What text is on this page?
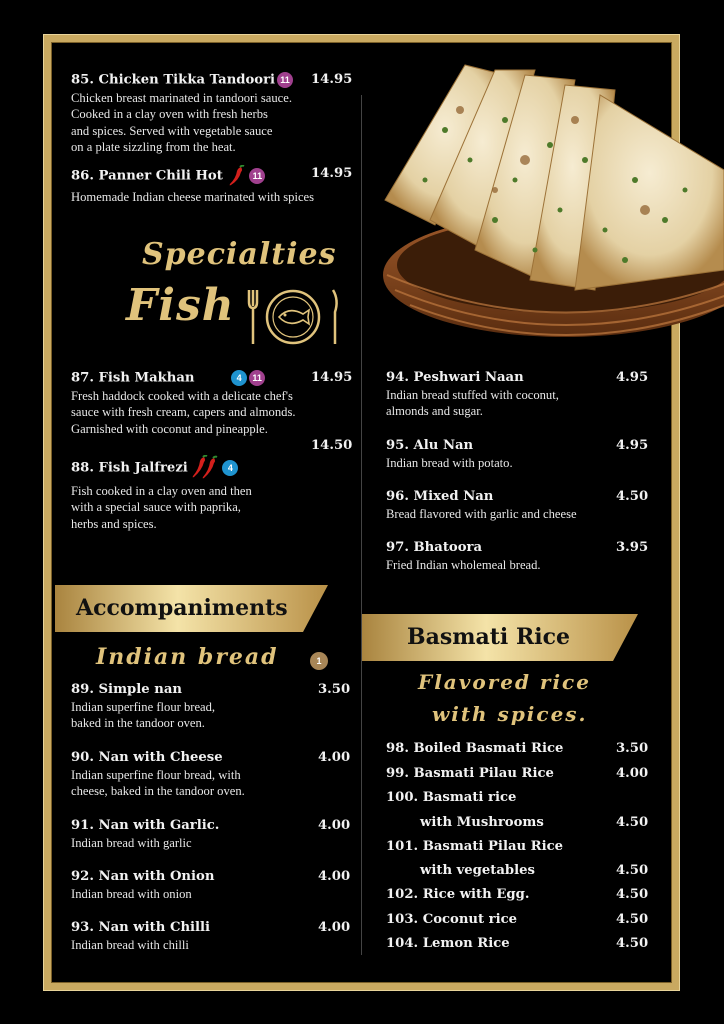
85. Chicken Tikka Tandoori 11
Chicken breast marinated in tandoori sauce.
Cooked in a clay oven with fresh herbs
and spices. Served with vegetable sauce
on a plate sizzling from the heat.
14.95
86. Panner Chili Hot	11
Homemade Indian cheese marinated with spices
14.95
Specialties
Fish
87. Fish Makhan	4 11
Fresh haddock cooked with a delicate chef's
sauce with fresh cream, capers and almonds.
Garnished with coconut and pineapple.
14.95
88. Fish Jalfrezi	4
Fish cooked in a clay oven and then
with a special sauce with paprika,
herbs and spices.
14.50
Accompaniments
Indian bread	1
89. Simple nan
Indian superfine flour bread,
baked in the tandoor oven.
3.50
90. Nan with Cheese
Indian superfine flour bread, with
cheese, baked in the tandoor oven.
4.00
91. Nan with Garlic.
Indian bread with garlic
4.00
92. Nan with Onion
Indian bread with onion
4.00
93. Nan with Chilli
Indian bread with chilli
4.00
94. Peshwari Naan
Indian bread stuffed with coconut,
almonds and sugar.
4.95
95. Alu Nan
Indian bread with potato.
4.95
96. Mixed Nan
Bread flavored with garlic and cheese
4.50
97. Bhatoora
Fried Indian wholemeal bread.
3.95
Basmati Rice
Flavored rice
with spices.
98. Boiled Basmati Rice	3.50
99. Basmati Pilau Rice	4.00
100. Basmati rice
with Mushrooms	4.50
101. Basmati Pilau Rice
with vegetables	4.50
102. Rice with Egg.	4.50
103. Coconut rice	4.50
104. Lemon Rice	4.50
